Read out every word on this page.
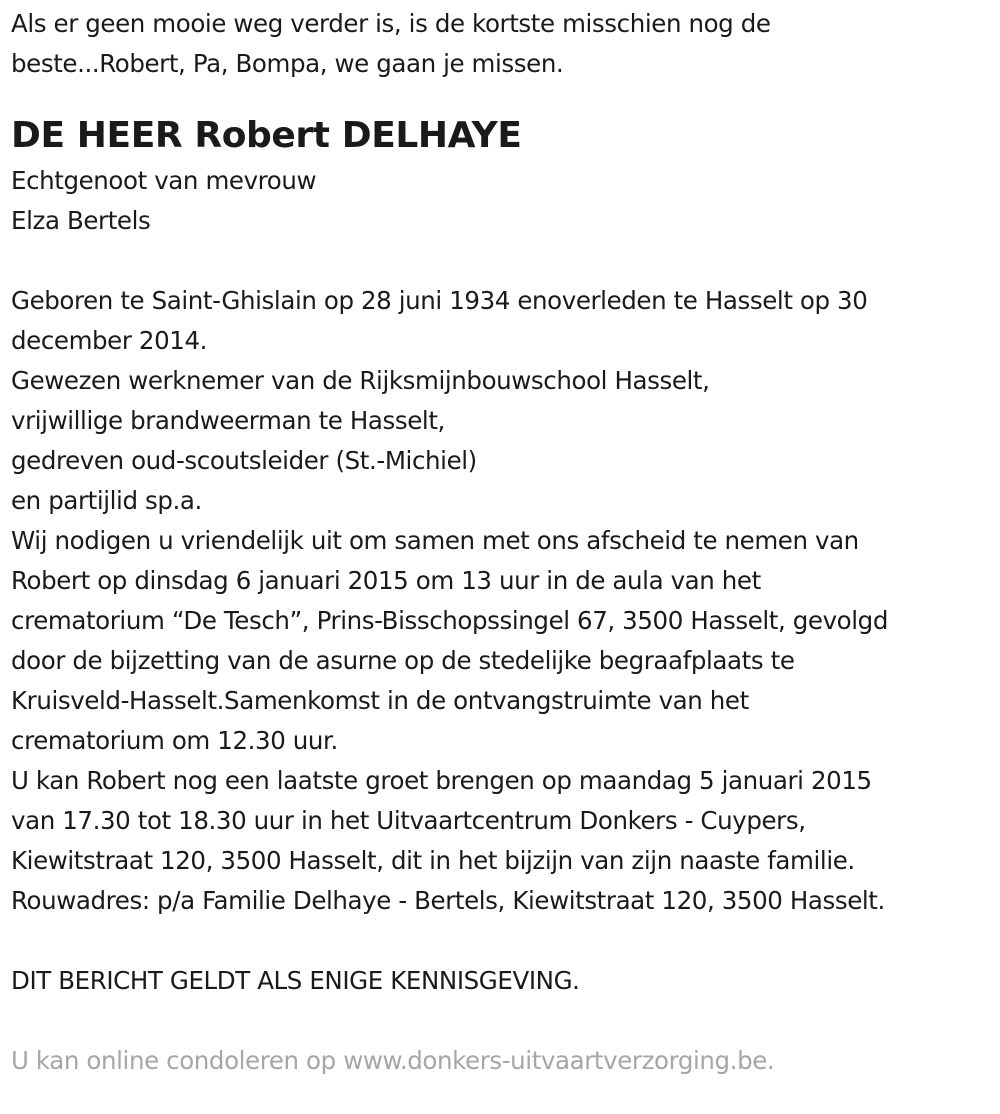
Als er geen mooie weg verder is, is de kortste misschien nog de
beste...Robert, Pa, Bompa, we gaan je missen.
DE HEER Robert DELHAYE
Echtgenoot van mevrouw
Elza Bertels
Geboren te Saint-Ghislain op 28 juni 1934 enoverleden te Hasselt op 30
december 2014.
Gewezen werknemer van de Rijksmijnbouwschool Hasselt,
vrijwillige brandweerman te Hasselt,
gedreven oud-scoutsleider (St.-Michiel)
en partijlid sp.a.
Wij nodigen u vriendelijk uit om samen met ons afscheid te nemen van
Robert op dinsdag 6 januari 2015 om 13 uur in de aula van het
crematorium “De Tesch”, Prins-Bisschopssingel 67, 3500 Hasselt, gevolgd
door de bijzetting van de asurne op de stedelijke begraafplaats te
Kruisveld-Hasselt.Samenkomst in de ontvangstruimte van het
crematorium om 12.30 uur.
U kan Robert nog een laatste groet brengen op maandag 5 januari 2015
van 17.30 tot 18.30 uur in het Uitvaartcentrum Donkers - Cuypers,
Kiewitstraat 120, 3500 Hasselt, dit in het bijzijn van zijn naaste familie.
Rouwadres: p/a Familie Delhaye - Bertels, Kiewitstraat 120, 3500 Hasselt.
DIT BERICHT GELDT ALS ENIGE KENNISGEVING.
U kan online condoleren op www.donkers-uitvaartverzorging.be.
